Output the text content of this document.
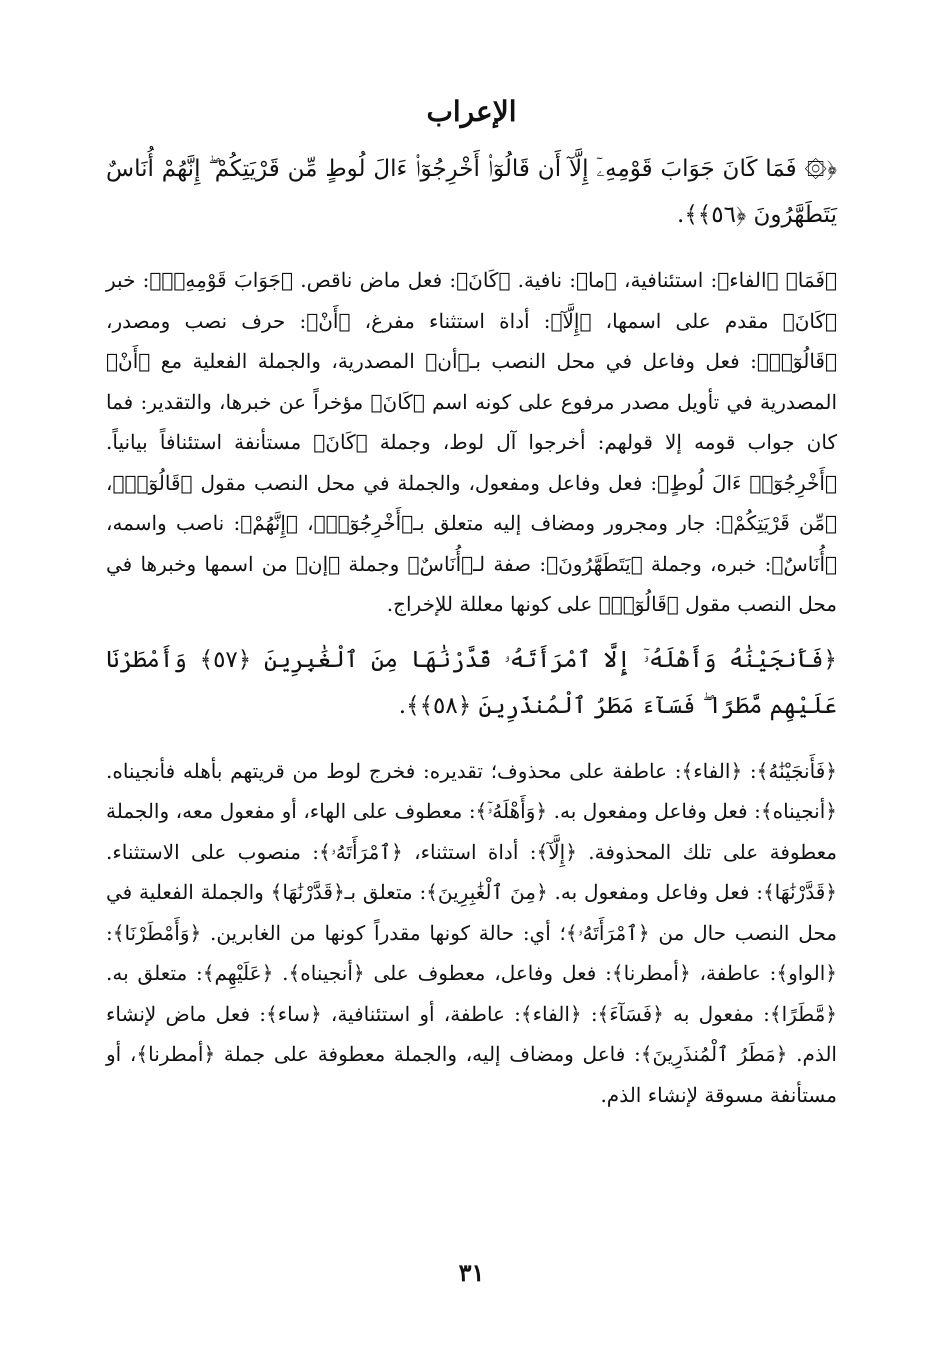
الإعراب

﴿۞ فَمَا كَانَ جَوَابَ قَوْمِهِۦٓ إِلَّآ أَن قَالُوٓا۟ أَخْرِجُوٓا۟ ءَالَ لُوطٍ مِّن قَرْيَتِكُمْ ۖ إِنَّهُمْ أُنَاسٌ يَتَطَهَّرُونَ ﴿٥٦﴾﴾.

﴿فَمَا﴾ ﴿الفاء﴾: استئنافية، ﴿ما﴾: نافية. ﴿كَانَ﴾: فعل ماض ناقص. ﴿جَوَابَ قَوْمِهِۦٓ﴾: خبر ﴿كَانَ﴾ مقدم على اسمها، ﴿إِلَّآ﴾: أداة استثناء مفرغ، ﴿أَنْ﴾: حرف نصب ومصدر، ﴿قَالُوٓا۟﴾: فعل وفاعل في محل النصب بـ﴿أن﴾ المصدرية، والجملة الفعلية مع ﴿أَنْ﴾ المصدرية في تأويل مصدر مرفوع على كونه اسم ﴿كَانَ﴾ مؤخراً عن خبرها، والتقدير: فما كان جواب قومه إلا قولهم: أخرجوا آل لوط، وجملة ﴿كَانَ﴾ مستأنفة استئنافاً بيانياً. ﴿أَخْرِجُوٓا۟ ءَالَ لُوطٍ﴾: فعل وفاعل ومفعول، والجملة في محل النصب مقول ﴿قَالُوٓا۟﴾، ﴿مِّن قَرْيَتِكُمْ﴾: جار ومجرور ومضاف إليه متعلق بـ﴿أَخْرِجُوٓا۟﴾، ﴿إِنَّهُمْ﴾: ناصب واسمه، ﴿أُنَاسٌ﴾: خبره، وجملة ﴿يَتَطَهَّرُونَ﴾: صفة لـ﴿أُنَاسٌ﴾ وجملة ﴿إن﴾ من اسمها وخبرها في محل النصب مقول ﴿قَالُوٓا۟﴾ على كونها معللة للإخراج.

﴿فَأَنجَيْنَٰهُ وَأَهْلَهُۥٓ إِلَّا ٱمْرَأَتَهُۥ قَدَّرْنَٰهَا مِنَ ٱلْغَٰبِرِينَ ﴿٥٧﴾ وَأَمْطَرْنَا عَلَيْهِم مَّطَرًا ۖ فَسَآءَ مَطَرُ ٱلْمُنذَرِينَ ﴿٥٨﴾﴾.

﴿فَأَنجَيْنَٰهُ﴾: ﴿الفاء﴾: عاطفة على محذوف؛ تقديره: فخرج لوط من قريتهم بأهله فأنجيناه. ﴿أنجيناه﴾: فعل وفاعل ومفعول به. ﴿وَأَهْلَهُۥٓ﴾: معطوف على الهاء، أو مفعول معه، والجملة معطوفة على تلك المحذوفة. ﴿إِلَّآ﴾: أداة استثناء، ﴿ٱمْرَأَتَهُۥ﴾: منصوب على الاستثناء. ﴿قَدَّرْنَٰهَا﴾: فعل وفاعل ومفعول به. ﴿مِنَ ٱلْغَٰبِرِينَ﴾: متعلق بـ﴿قَدَّرْنَٰهَا﴾ والجملة الفعلية في محل النصب حال من ﴿ٱمْرَأَتَهُۥ﴾؛ أي: حالة كونها مقدراً كونها من الغابرين. ﴿وَأَمْطَرْنَا﴾: ﴿الواو﴾: عاطفة، ﴿أمطرنا﴾: فعل وفاعل، معطوف على ﴿أنجيناه﴾. ﴿عَلَيْهِم﴾: متعلق به. ﴿مَّطَرًا﴾: مفعول به ﴿فَسَآءَ﴾: ﴿الفاء﴾: عاطفة، أو استئنافية، ﴿ساء﴾: فعل ماض لإنشاء الذم. ﴿مَطَرُ ٱلْمُنذَرِينَ﴾: فاعل ومضاف إليه، والجملة معطوفة على جملة ﴿أمطرنا﴾، أو مستأنفة مسوقة لإنشاء الذم.

٣١
